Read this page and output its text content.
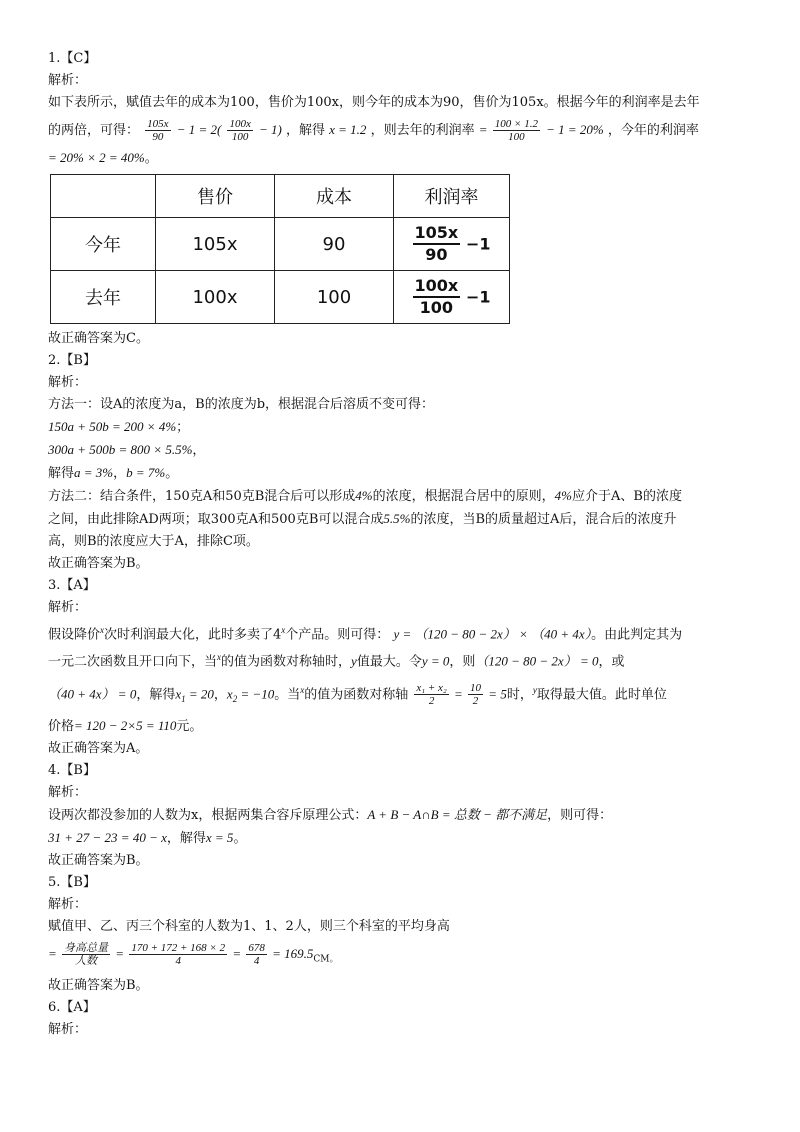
1.【C】
解析：
如下表所示，赋值去年的成本为100，售价为100x，则今年的成本为90，售价为105x。根据今年的利润率是去年
的两倍，可得： $\frac{105x}{90} - 1 = 2( \frac{100x}{100} - 1)$ ，解得 x = 1.2 ，则去年的利润率 = $\frac{100 \times 1.2}{100} - 1 = 20\%$ ，今年的利润率
= 20% × 2 = 40%。
	售价	成本	利润率
今年	105x	90	$\frac{105x}{90} -1$
去年	100x	100	$\frac{100x}{100} -1$
故正确答案为C。
2.【B】
解析：
方法一：设A的浓度为a，B的浓度为b，根据混合后溶质不变可得：
150a + 50b = 200 × 4%；
300a + 500b = 800 × 5.5%，
解得a = 3%，b = 7%。
方法二：结合条件，150克A和50克B混合后可以形成4%的浓度，根据混合居中的原则，4%应介于A、B的浓度
之间，由此排除AD两项；取300克A和500克B可以混合成5.5%的浓度，当B的质量超过A后，混合后的浓度升
高，则B的浓度应大于A，排除C项。
故正确答案为B。
3.【A】
解析：
假设降价$^x$次时利润最大化，此时多卖了4$^x$个产品。则可得： y = （120 − 80 − 2x） × （40 + 4x）。由此判定其为
一元二次函数且开口向下，当$^x$的值为函数对称轴时，y值最大。令y = 0，则（120 − 80 − 2x） = 0，或
（40 + 4x） = 0，解得$x_1 = 20$，$x_2 = -10$。当$^x$的值为函数对称轴 $\frac{\text{x₁ + x₂}}{2} = \frac{10}{2} = 5$时，$^y$取得最大值。此时单位
价格= 120 − 2×5 = 110元。
故正确答案为A。
4.【B】
解析：
设两次都没参加的人数为x，根据两集合容斥原理公式：A + B − A∩B = 总数 − 都不满足，则可得：
31 + 27 − 23 = 40 − x，解得x = 5。
故正确答案为B。
5.【B】
解析：
赋值甲、乙、丙三个科室的人数为1、1、2人，则三个科室的平均身高
= $\frac{\text{身高总量}}{\text{人数}} = \frac{170 + 172 + 168 \times 2}{4} = \frac{678}{4} = 169.5_{CM。}$
故正确答案为B。
6.【A】
解析：
